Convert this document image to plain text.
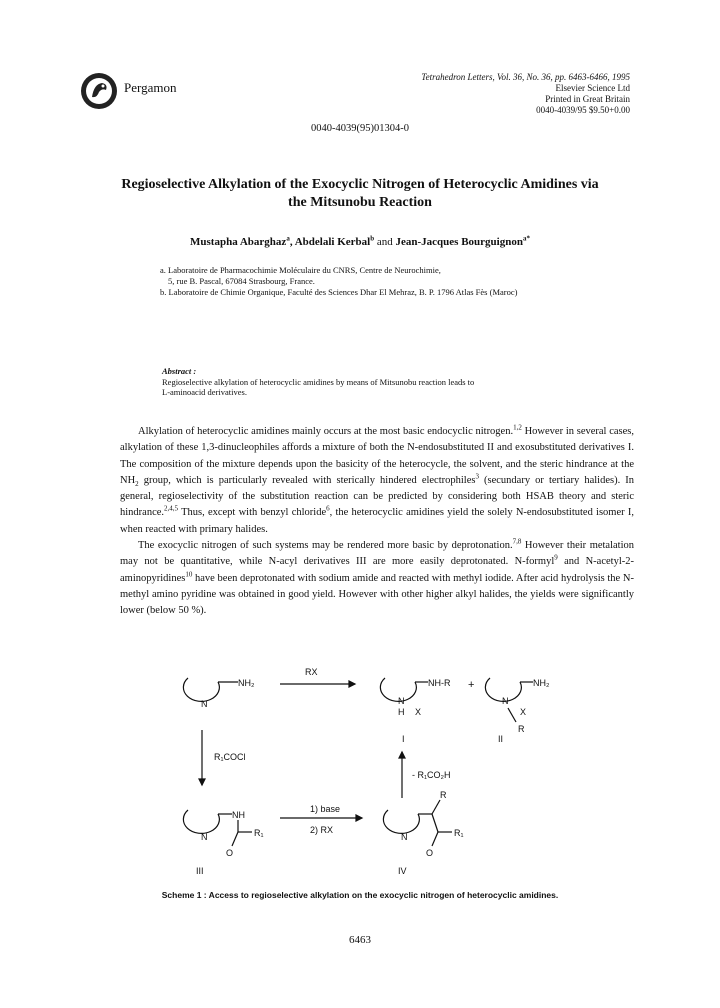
Pergamon
Tetrahedron Letters, Vol. 36, No. 36, pp. 6463-6466, 1995
Elsevier Science Ltd
Printed in Great Britain
0040-4039/95 $9.50+0.00
0040-4039(95)01304-0
Regioselective Alkylation of the Exocyclic Nitrogen of Heterocyclic Amidines via
the Mitsunobu Reaction
Mustapha Abarghaz$^a$, Abdelali Kerbal$^b$ and Jean-Jacques Bourguignon$^{a*}$
a. Laboratoire de Pharmacochimie Moléculaire du CNRS, Centre de Neurochimie,
5, rue B. Pascal, 67084 Strasbourg, France.
b. Laboratoire de Chimie Organique, Faculté des Sciences Dhar El Mehraz, B. P. 1796 Atlas Fès (Maroc)
Abstract :
Regioselective alkylation of heterocyclic amidines by means of Mitsunobu reaction leads to
L-aminoacid derivatives.

Alkylation of heterocyclic amidines mainly occurs at the most basic endocyclic nitrogen.$^{1,2}$ However in several cases, alkylation of these 1,3-dinucleophiles affords a mixture of both the N-endosubstituted II and exosubstituted derivatives I. The composition of the mixture depends upon the basicity of the heterocycle, the solvent, and the steric hindrance at the $NH_2$ group, which is particularly revealed with sterically hindered electrophiles$^3$ (secundary or tertiary halides). In general, regioselectivity of the substitution reaction can be predicted by considering both HSAB theory and steric hindrance.$^{2,4,5}$ Thus, except with benzyl chloride$^6$, the heterocyclic amidines yield the solely N-endosubstituted isomer I, when reacted with primary halides.

The exocyclic nitrogen of such systems may be rendered more basic by deprotonation.$^{7,8}$ However their metalation may not be quantitative, while N-acyl derivatives III are more easily deprotonated. N-formyl$^9$ and N-acetyl-2-aminopyridines$^{10}$ have been deprotonated with sodium amide and reacted with methyl iodide. After acid hydrolysis the N-methyl amino pyridine was obtained in good yield. However with other higher alkyl halides, the yields were significantly lower (below 50 %).

NH₂
N
RX
NH-R
N
H X
I
+	NH₂
N
X
R
II
R₁COCl
- R₁CO₂H
NH
R₁
O
N
III
1) base
2) RX
R
R₁
O
N
IV
Scheme 1 : Access to regioselective alkylation on the exocyclic nitrogen of heterocyclic amidines.
6463
